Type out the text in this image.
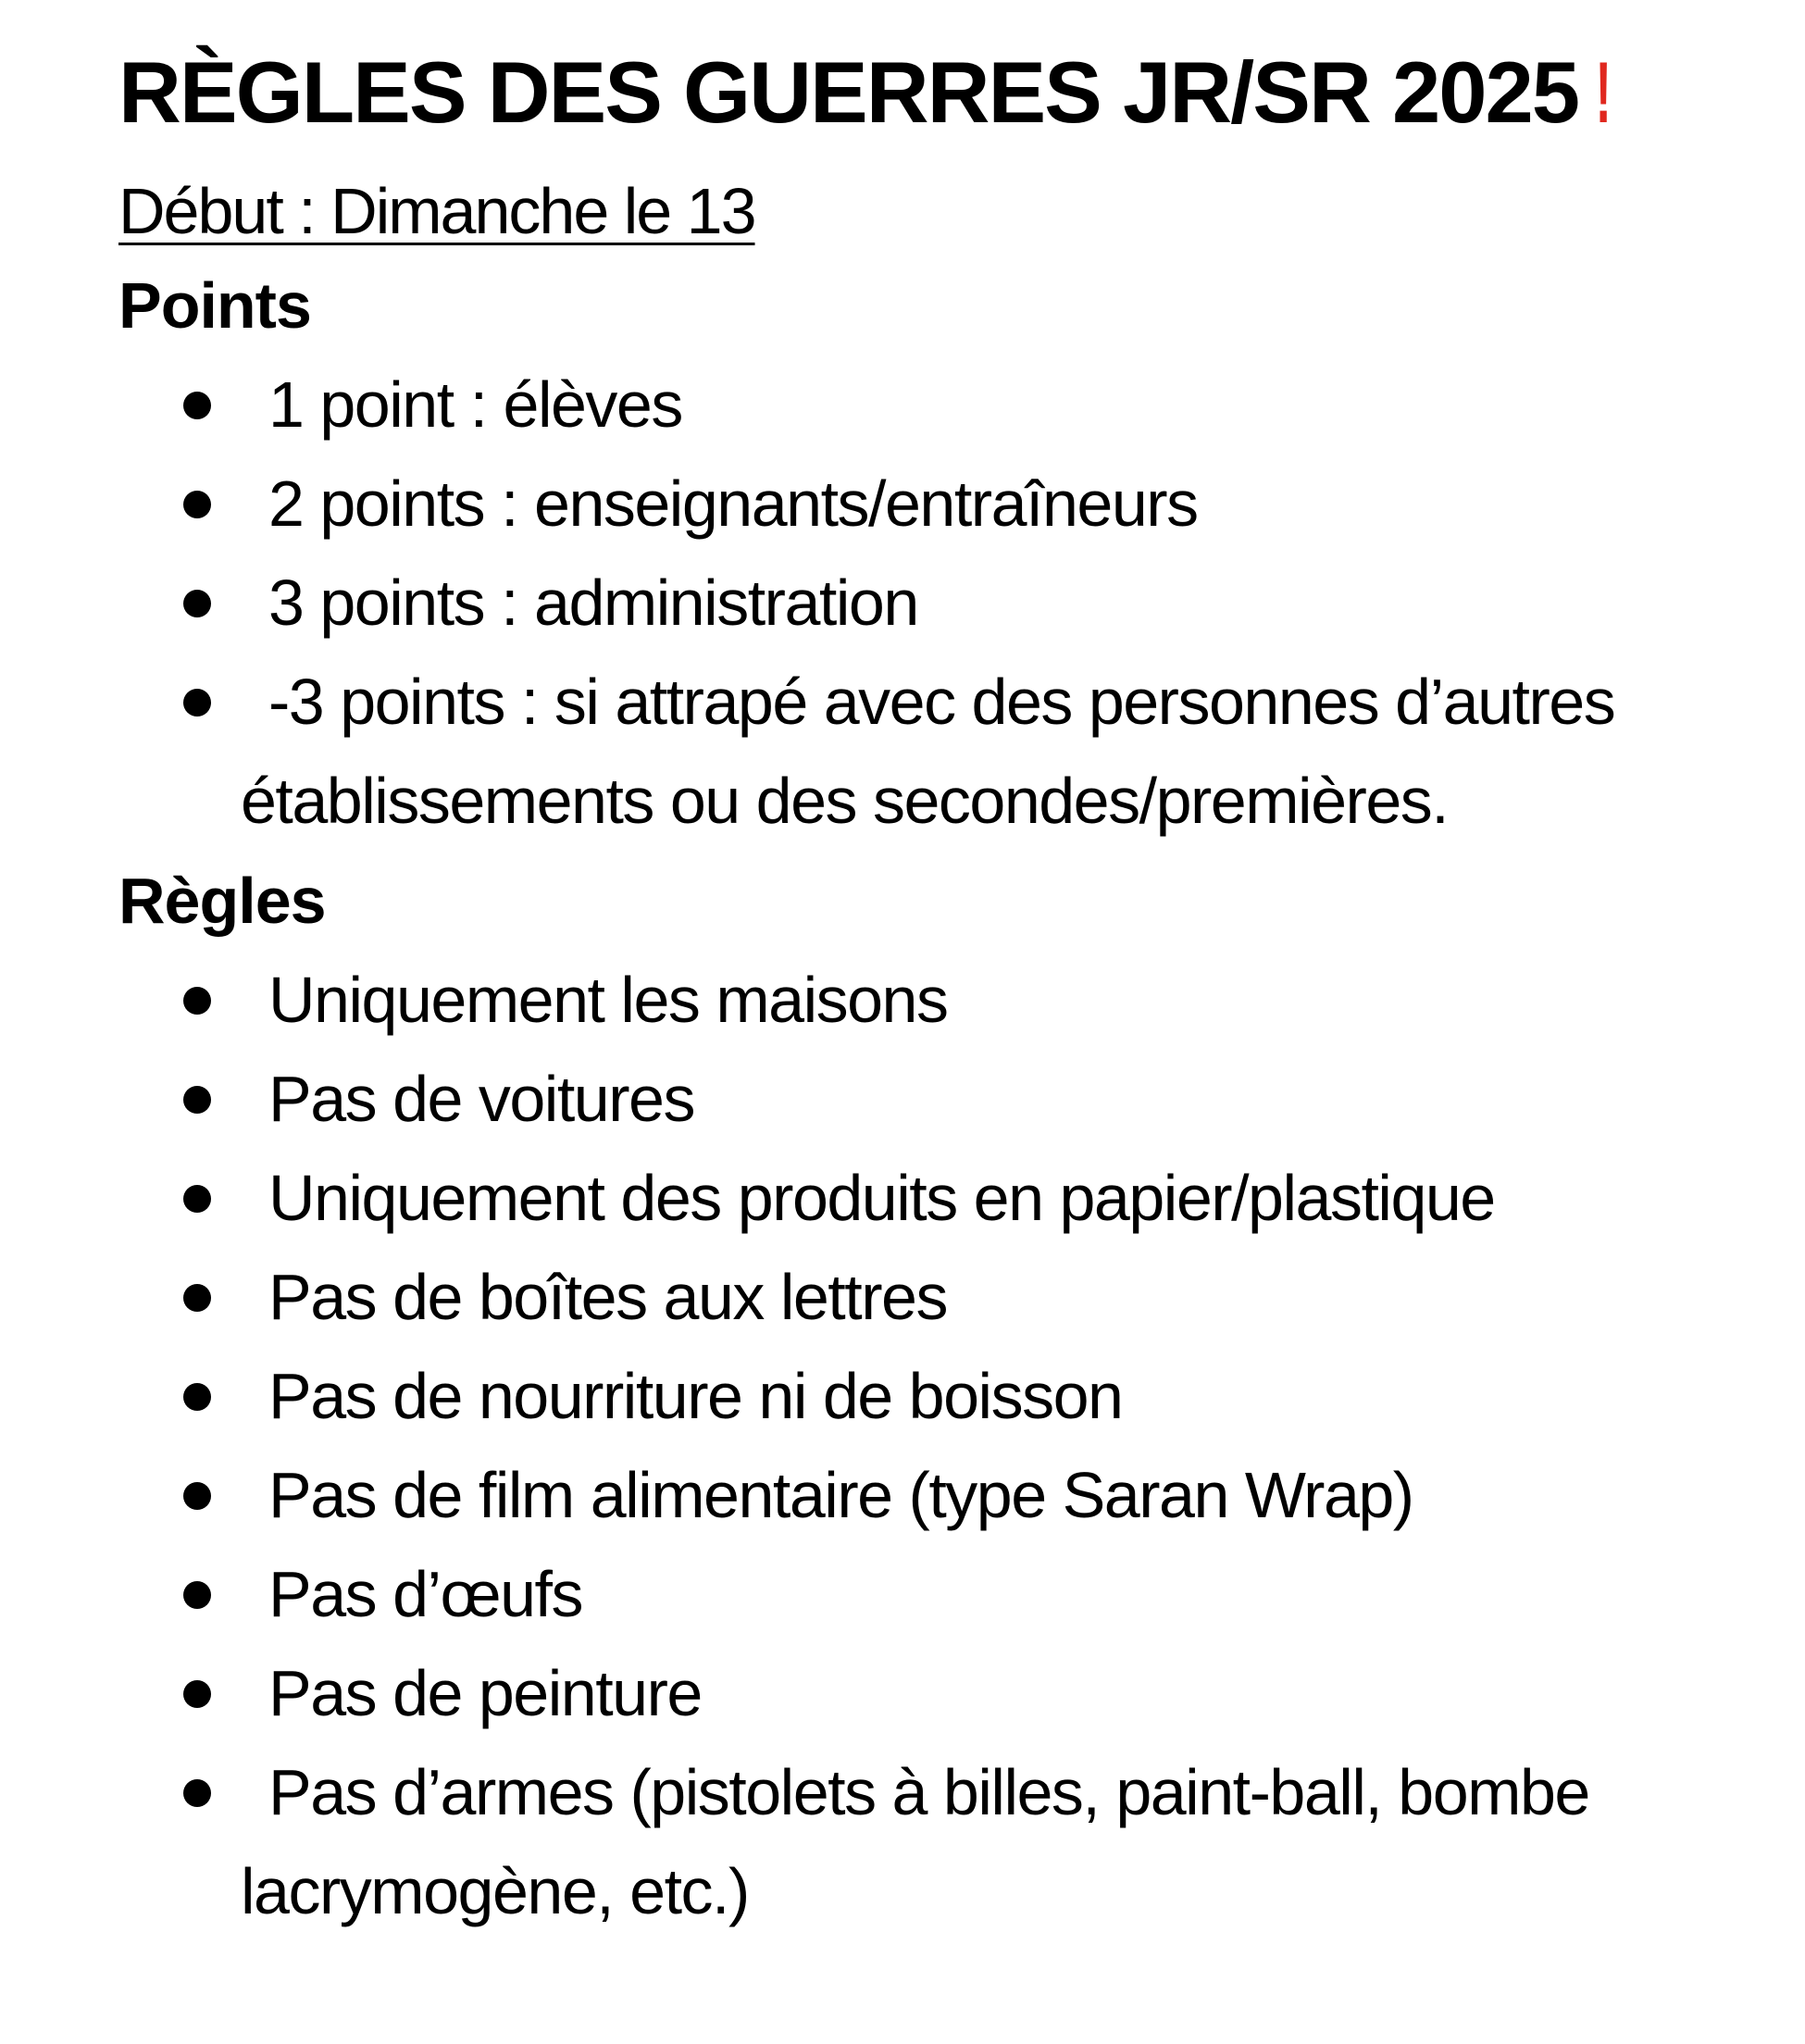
RÈGLES DES GUERRES JR/SR 2025 !
Début : Dimanche le 13
Points
1 point : élèves
2 points : enseignants/entraîneurs
3 points : administration
-3 points : si attrapé avec des personnes d’autres
établissements ou des secondes/premières.
Règles
Uniquement les maisons
Pas de voitures
Uniquement des produits en papier/plastique
Pas de boîtes aux lettres
Pas de nourriture ni de boisson
Pas de film alimentaire (type Saran Wrap)
Pas d’œufs
Pas de peinture
Pas d’armes (pistolets à billes, paint-ball, bombe
lacrymogène, etc.)
